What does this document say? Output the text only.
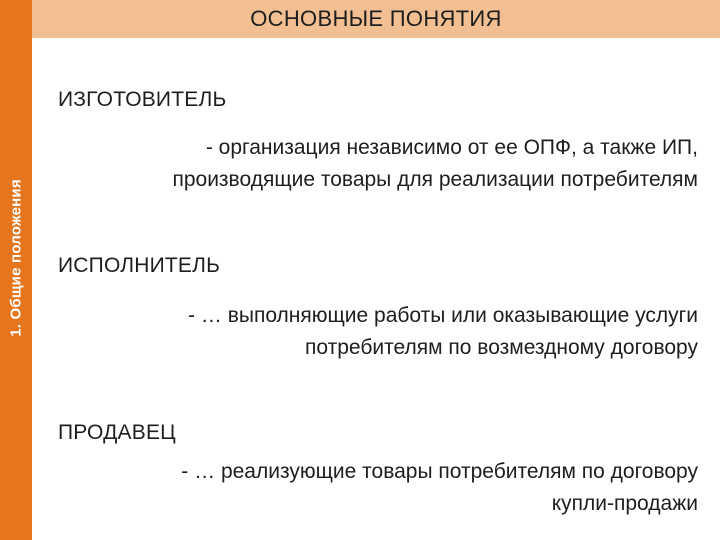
1. Общие положения
ОСНОВНЫЕ ПОНЯТИЯ
ИЗГОТОВИТЕЛЬ
- организация независимо от ее ОПФ, а также ИП,
производящие товары для реализации потребителям
ИСПОЛНИТЕЛЬ
- … выполняющие работы или оказывающие услуги
потребителям по возмездному договору
ПРОДАВЕЦ
- … реализующие товары потребителям по договору
купли-продажи
